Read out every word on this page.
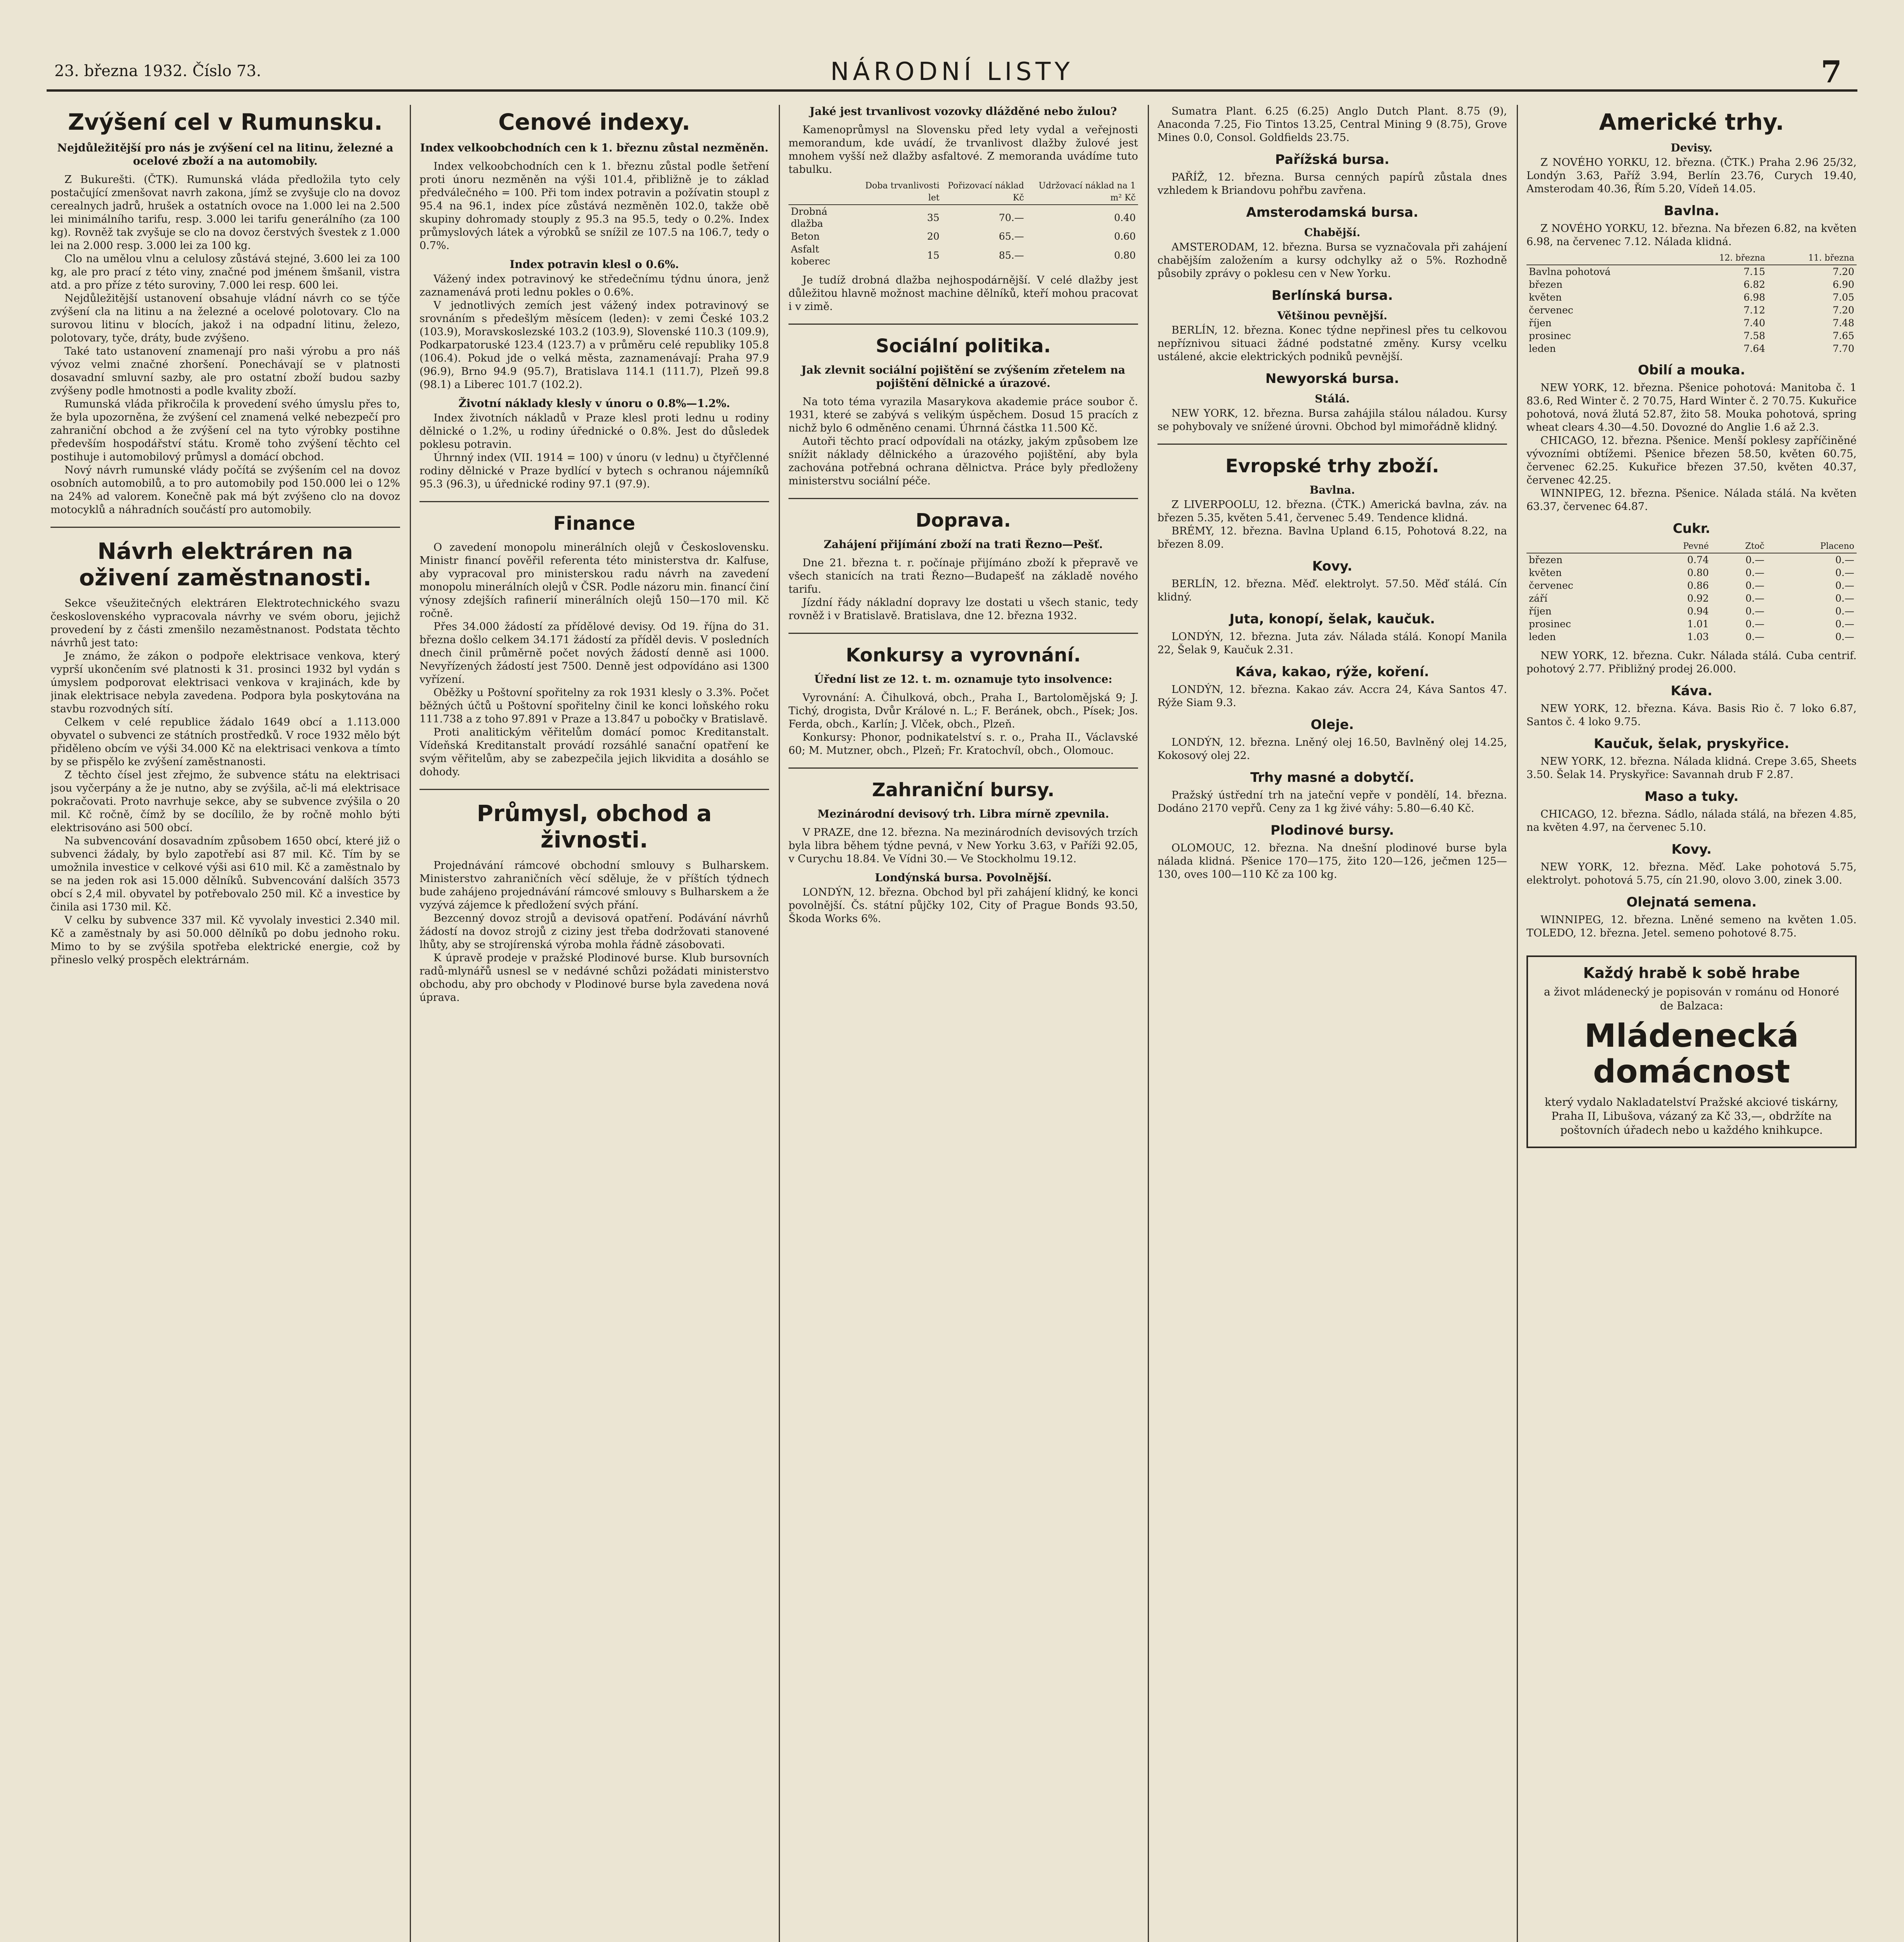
23. března 1932. Číslo 73.	NÁRODNÍ LISTY	7
Zvýšení cel v Rumunsku.
Nejdůležitější pro nás je zvýšení cel na litinu, železné a ocelové zboží a na automobily.

Z Bukurešti. (ČTK). Rumunská vláda předložila tyto cely postačující zmenšovat navrh zakona, jímž se zvyšuje clo na dovoz cerealnych jadrů, hrušek a ostatních ovoce na 1.000 lei na 2.500 lei minimálního tarifu, resp. 3.000 lei tarifu generálního (za 100 kg). Rovněž tak zvyšuje se clo na dovoz čerstvých švestek z 1.000 lei na 2.000 resp. 3.000 lei za 100 kg.

Clo na umělou vlnu a celulosy zůstává stejné, 3.600 lei za 100 kg, ale pro prací z této viny, značné pod jménem šmšanil, vistra atd. a pro příze z této suroviny, 7.000 lei resp. 600 lei.

Nejdůležitější ustanovení obsahuje vládní návrh co se týče zvýšení cla na litinu a na železné a ocelové polotovary. Clo na surovou litinu v blocích, jakož i na odpadní litinu, železo, polotovary, tyče, dráty, bude zvýšeno.

Také tato ustanovení znamenají pro naši výrobu a pro náš vývoz velmi značné zhoršení. Ponechávají se v platnosti dosavadní smluvní sazby, ale pro ostatní zboží budou sazby zvýšeny podle hmotnosti a podle kvality zboží.

Rumunská vláda přikročila k provedení svého úmyslu přes to, že byla upozorněna, že zvýšení cel znamená velké nebezpečí pro zahraniční obchod a že zvýšení cel na tyto výrobky postihne především hospodářství státu. Kromě toho zvýšení těchto cel postihuje i automobilový průmysl a domácí obchod.

Nový návrh rumunské vlády počítá se zvýšením cel na dovoz osobních automobilů, a to pro automobily pod 150.000 lei o 12% na 24% ad valorem. Konečně pak má být zvýšeno clo na dovoz motocyklů a náhradních součástí pro automobily.

Návrh elektráren na oživení zaměstnanosti.

Sekce všeužitečných elektráren Elektrotechnického svazu československého vypracovala návrhy ve svém oboru, jejichž provedení by z části zmenšilo nezaměstnanost. Podstata těchto návrhů jest tato:

Je známo, že zákon o podpoře elektrisace venkova, který vyprší ukončením své platnosti k 31. prosinci 1932 byl vydán s úmyslem podporovat elektrisaci venkova v krajinách, kde by jinak elektrisace nebyla zavedena. Podpora byla poskytována na stavbu rozvodných sítí.

Celkem v celé republice žádalo 1649 obcí a 1.113.000 obyvatel o subvenci ze státních prostředků. V roce 1932 mělo být přiděleno obcím ve výši 34.000 Kč na elektrisaci venkova a tímto by se přispělo ke zvýšení zaměstnanosti.

Z těchto čísel jest zřejmo, že subvence státu na elektrisaci jsou vyčerpány a že je nutno, aby se zvýšila, ač-li má elektrisace pokračovati. Proto navrhuje sekce, aby se subvence zvýšila o 20 mil. Kč ročně, čímž by se docílilo, že by ročně mohlo býti elektrisováno asi 500 obcí.

Na subvencování dosavadním způsobem 1650 obcí, které již o subvenci žádaly, by bylo zapotřebí asi 87 mil. Kč. Tím by se umožnila investice v celkové výši asi 610 mil. Kč a zaměstnalo by se na jeden rok asi 15.000 dělníků. Subvencování dalších 3573 obcí s 2,4 mil. obyvatel by potřebovalo 250 mil. Kč a investice by činila asi 1730 mil. Kč.

V celku by subvence 337 mil. Kč vyvolaly investici 2.340 mil. Kč a zaměstnaly by asi 50.000 dělníků po dobu jednoho roku. Mimo to by se zvýšila spotřeba elektrické energie, což by přineslo velký prospěch elektrárnám.

Cenové indexy.
Index velkoobchodních cen k 1. březnu zůstal nezměněn.

Index velkoobchodních cen k 1. březnu zůstal podle šetření proti únoru nezměněn na výši 101.4, přibližně je to základ předválečného = 100. Při tom index potravin a požívatin stoupl z 95.4 na 96.1, index píce zůstává nezměněn 102.0, takže obě skupiny dohromady stouply z 95.3 na 95.5, tedy o 0.2%. Index průmyslových látek a výrobků se snížil ze 107.5 na 106.7, tedy o 0.7%.

Index potravin klesl o 0.6%.

Vážený index potravinový ke středečnímu týdnu února, jenž zaznamenává proti lednu pokles o 0.6%.

V jednotlivých zemích jest vážený index potravinový se srovnáním s předešlým měsícem (leden): v zemi České 103.2 (103.9), Moravskoslezské 103.2 (103.9), Slovenské 110.3 (109.9), Podkarpatoruské 123.4 (123.7) a v průměru celé republiky 105.8 (106.4). Pokud jde o velká města, zaznamenávají: Praha 97.9 (96.9), Brno 94.9 (95.7), Bratislava 114.1 (111.7), Plzeň 99.8 (98.1) a Liberec 101.7 (102.2).

Životní náklady klesly v únoru o 0.8%—1.2%.

Index životních nákladů v Praze klesl proti lednu u rodiny dělnické o 1.2%, u rodiny úřednické o 0.8%. Jest do důsledek poklesu potravin.

Úhrnný index (VII. 1914 = 100) v únoru (v lednu) u čtyřčlenné rodiny dělnické v Praze bydlící v bytech s ochranou nájemníků 95.3 (96.3), u úřednické rodiny 97.1 (97.9).

Finance

O zavedení monopolu minerálních olejů v Československu. Ministr financí pověřil referenta této ministerstva dr. Kalfuse, aby vypracoval pro ministerskou radu návrh na zavedení monopolu minerálních olejů v ČSR. Podle názoru min. financí činí výnosy zdejších rafinerií minerálních olejů 150—170 mil. Kč ročně.

Přes 34.000 žádostí za přídělové devisy. Od 19. října do 31. března došlo celkem 34.171 žádostí za příděl devis. V posledních dnech činil průměrně počet nových žádostí denně asi 1000. Nevyřízených žádostí jest 7500. Denně jest odpovídáno asi 1300 vyřízení.

Oběžky u Poštovní spořitelny za rok 1931 klesly o 3.3%. Počet běžných účtů u Poštovní spořitelny činil ke konci loňského roku 111.738 a z toho 97.891 v Praze a 13.847 u pobočky v Bratislavě.

Proti analitickým věřitelům domácí pomoc Kreditanstalt. Vídeňská Kreditanstalt provádí rozsáhlé sanační opatření ke svým věřitelům, aby se zabezpečila jejich likvidita a dosáhlo se dohody.

Průmysl, obchod a živnosti.

Projednávání rámcové obchodní smlouvy s Bulharskem. Ministerstvo zahraničních věcí sděluje, že v příštích týdnech bude zahájeno projednávání rámcové smlouvy s Bulharskem a že vyzývá zájemce k předložení svých přání.

Bezcenný dovoz strojů a devisová opatření. Podávání návrhů žádostí na dovoz strojů z ciziny jest třeba dodržovati stanovené lhůty, aby se strojírenská výroba mohla řádně zásobovati.

K úpravě prodeje v pražské Plodinové burse. Klub bursovních radů-mlynářů usnesl se v nedávné schůzi požádati ministerstvo obchodu, aby pro obchody v Plodinové burse byla zavedena nová úprava.

Jaké jest trvanlivost vozovky dlážděné nebo žulou?

Kamenoprůmysl na Slovensku před lety vydal a veřejnosti memorandum, kde uvádí, že trvanlivost dlažby žulové jest mnohem vyšší než dlažby asfaltové. Z memoranda uvádíme tuto tabulku.

	Doba trvanlivosti let	Pořizovací náklad Kč	Udržovací náklad na 1 m² Kč
Drobná dlažba	35	70.—	0.40
Beton	20	65.—	0.60
Asfalt koberec	15	85.—	0.80

Je tudíž drobná dlažba nejhospodárnější. V celé dlažby jest důležitou hlavně možnost machine dělníků, kteří mohou pracovat i v zimě.

Sociální politika.
Jak zlevnit sociální pojištění se zvýšením zřetelem na pojištění dělnické a úrazové.

Na toto téma vyrazila Masarykova akademie práce soubor č. 1931, které se zabývá s velikým úspěchem. Dosud 15 pracích z nichž bylo 6 odměněno cenami. Úhrnná částka 11.500 Kč.

Autoři těchto prací odpovídali na otázky, jakým způsobem lze snížit náklady dělnického a úrazového pojištění, aby byla zachována potřebná ochrana dělnictva. Práce byly předloženy ministerstvu sociální péče.

Doprava.
Zahájení přijímání zboží na trati Řezno—Pešť.

Dne 21. března t. r. počínaje přijímáno zboží k přepravě ve všech stanicích na trati Řezno—Budapešť na základě nového tarifu.

Jízdní řády nákladní dopravy lze dostati u všech stanic, tedy rovněž i v Bratislavě. Bratislava, dne 12. března 1932.

Konkursy a vyrovnání.
Úřední list ze 12. t. m. oznamuje tyto insolvence:

Vyrovnání: A. Čihulková, obch., Praha I., Bartolomějská 9; J. Tichý, drogista, Dvůr Králové n. L.; F. Beránek, obch., Písek; Jos. Ferda, obch., Karlín; J. Vlček, obch., Plzeň.

Konkursy: Phonor, podnikatelství s. r. o., Praha II., Václavské 60; M. Mutzner, obch., Plzeň; Fr. Kratochvíl, obch., Olomouc.

Zahraniční bursy.
Mezinárodní devisový trh. Libra mírně zpevnila.

V PRAZE, dne 12. března. Na mezinárodních devisových trzích byla libra během týdne pevná, v New Yorku 3.63, v Paříži 92.05, v Curychu 18.84. Ve Vídni 30.— Ve Stockholmu 19.12.

Londýnská bursa. Povolnější.

LONDÝN, 12. března. Obchod byl při zahájení klidný, ke konci povolnější. Čs. státní půjčky 102, City of Prague Bonds 93.50, Škoda Works 6%.

Sumatra Plant. 6.25 (6.25) Anglo Dutch Plant. 8.75 (9), Anaconda 7.25, Fio Tintos 13.25, Central Mining 9 (8.75), Grove Mines 0.0, Consol. Goldfields 23.75.

Pařížská bursa.

PAŘÍŽ, 12. března. Bursa cenných papírů zůstala dnes vzhledem k Briandovu pohřbu zavřena.

Amsterodamská bursa.
Chabější.

AMSTERODAM, 12. března. Bursa se vyznačovala při zahájení chabějším založením a kursy odchylky až o 5%. Rozhodně působily zprávy o poklesu cen v New Yorku.

Berlínská bursa.
Většinou pevnější.

BERLÍN, 12. března. Konec týdne nepřinesl přes tu celkovou nepříznivou situaci žádné podstatné změny. Kursy vcelku ustálené, akcie elektrických podniků pevnější.

Newyorská bursa.
Stálá.

NEW YORK, 12. března. Bursa zahájila stálou náladou. Kursy se pohybovaly ve snížené úrovni. Obchod byl mimořádně klidný.

Evropské trhy zboží.
Bavlna.

Z LIVERPOOLU, 12. března. (ČTK.) Americká bavlna, záv. na březen 5.35, květen 5.41, červenec 5.49. Tendence klidná.

BRÉMY, 12. března. Bavlna Upland 6.15, Pohotová 8.22, na březen 8.09.

Kovy.

BERLÍN, 12. března. Měď. elektrolyt. 57.50. Měď stálá. Cín klidný.

Juta, konopí, šelak, kaučuk.

LONDÝN, 12. března. Juta záv. Nálada stálá. Konopí Manila 22, Šelak 9, Kaučuk 2.31.

Kávа, kakao, rýže, koření.

LONDÝN, 12. března. Kakao záv. Accra 24, Káva Santos 47. Rýže Siam 9.3.

Oleje.

LONDÝN, 12. března. Lněný olej 16.50, Bavlněný olej 14.25, Kokosový olej 22.

Trhy masné a dobytčí.

Pražský ústřední trh na jateční vepře v pondělí, 14. března. Dodáno 2170 vepřů. Ceny za 1 kg živé váhy: 5.80—6.40 Kč.

Plodinové bursy.

OLOMOUC, 12. března. Na dnešní plodinové burse byla nálada klidná. Pšenice 170—175, žito 120—126, ječmen 125—130, oves 100—110 Kč za 100 kg.

Americké trhy.
Devisy.

Z NOVÉHO YORKU, 12. března. (ČTK.) Praha 2.96 25/32, Londýn 3.63, Paříž 3.94, Berlín 23.76, Curych 19.40, Amsterodam 40.36, Řím 5.20, Vídeň 14.05.

Bavlna.

Z NOVÉHO YORKU, 12. března. Na březen 6.82, na květen 6.98, na červenec 7.12. Nálada klidná.

	12. března	11. března
Bavlna pohotová	7.15	7.20
březen	6.82	6.90
květen	6.98	7.05
červenec	7.12	7.20
říjen	7.40	7.48
prosinec	7.58	7.65
leden	7.64	7.70
Obilí a mouka.

NEW YORK, 12. března. Pšenice pohotová: Manitoba č. 1 83.6, Red Winter č. 2 70.75, Hard Winter č. 2 70.75. Kukuřice pohotová, nová žlutá 52.87, žito 58. Mouka pohotová, spring wheat clears 4.30—4.50. Dovozné do Anglie 1.6 až 2.3.

CHICAGO, 12. března. Pšenice. Menší poklesy zapříčiněné vývozními obtížemi. Pšenice březen 58.50, květen 60.75, červenec 62.25. Kukuřice březen 37.50, květen 40.37, červenec 42.25.

WINNIPEG, 12. března. Pšenice. Nálada stálá. Na květen 63.37, červenec 64.87.

Cukr.
	Pevné	Ztoč	Placeno
březen	0.74	0.—	0.—
květen	0.80	0.—	0.—
červenec	0.86	0.—	0.—
září	0.92	0.—	0.—
říjen	0.94	0.—	0.—
prosinec	1.01	0.—	0.—
leden	1.03	0.—	0.—

NEW YORK, 12. března. Cukr. Nálada stálá. Cuba centrif. pohotový 2.77. Přibližný prodej 26.000.

Káva.

NEW YORK, 12. března. Káva. Basis Rio č. 7 loko 6.87, Santos č. 4 loko 9.75.

Kaučuk, šelak, pryskyřice.

NEW YORK, 12. března. Nálada klidná. Crepe 3.65, Sheets 3.50. Šelak 14. Pryskyřice: Savannah drub F 2.87.

Maso a tuky.

CHICAGO, 12. března. Sádlo, nálada stálá, na březen 4.85, na květen 4.97, na červenec 5.10.

Kovy.

NEW YORK, 12. března. Měď. Lake pohotová 5.75, elektrolyt. pohotová 5.75, cín 21.90, olovo 3.00, zinek 3.00.

Olejnatá semena.

WINNIPEG, 12. března. Lněné semeno na květen 1.05. TOLEDO, 12. března. Jetel. semeno pohotové 8.75.

Každý hrabě k sobě hrabe
a život mládenecký je popisován v románu od Honoré de Balzaca:
Mládenecká domácnost
který vydalo Nakladatelství Pražské akciové tiskárny, Praha II, Libušova, vázaný za Kč 33,—, obdržíte na poštovních úřadech nebo u každého knihkupce.
